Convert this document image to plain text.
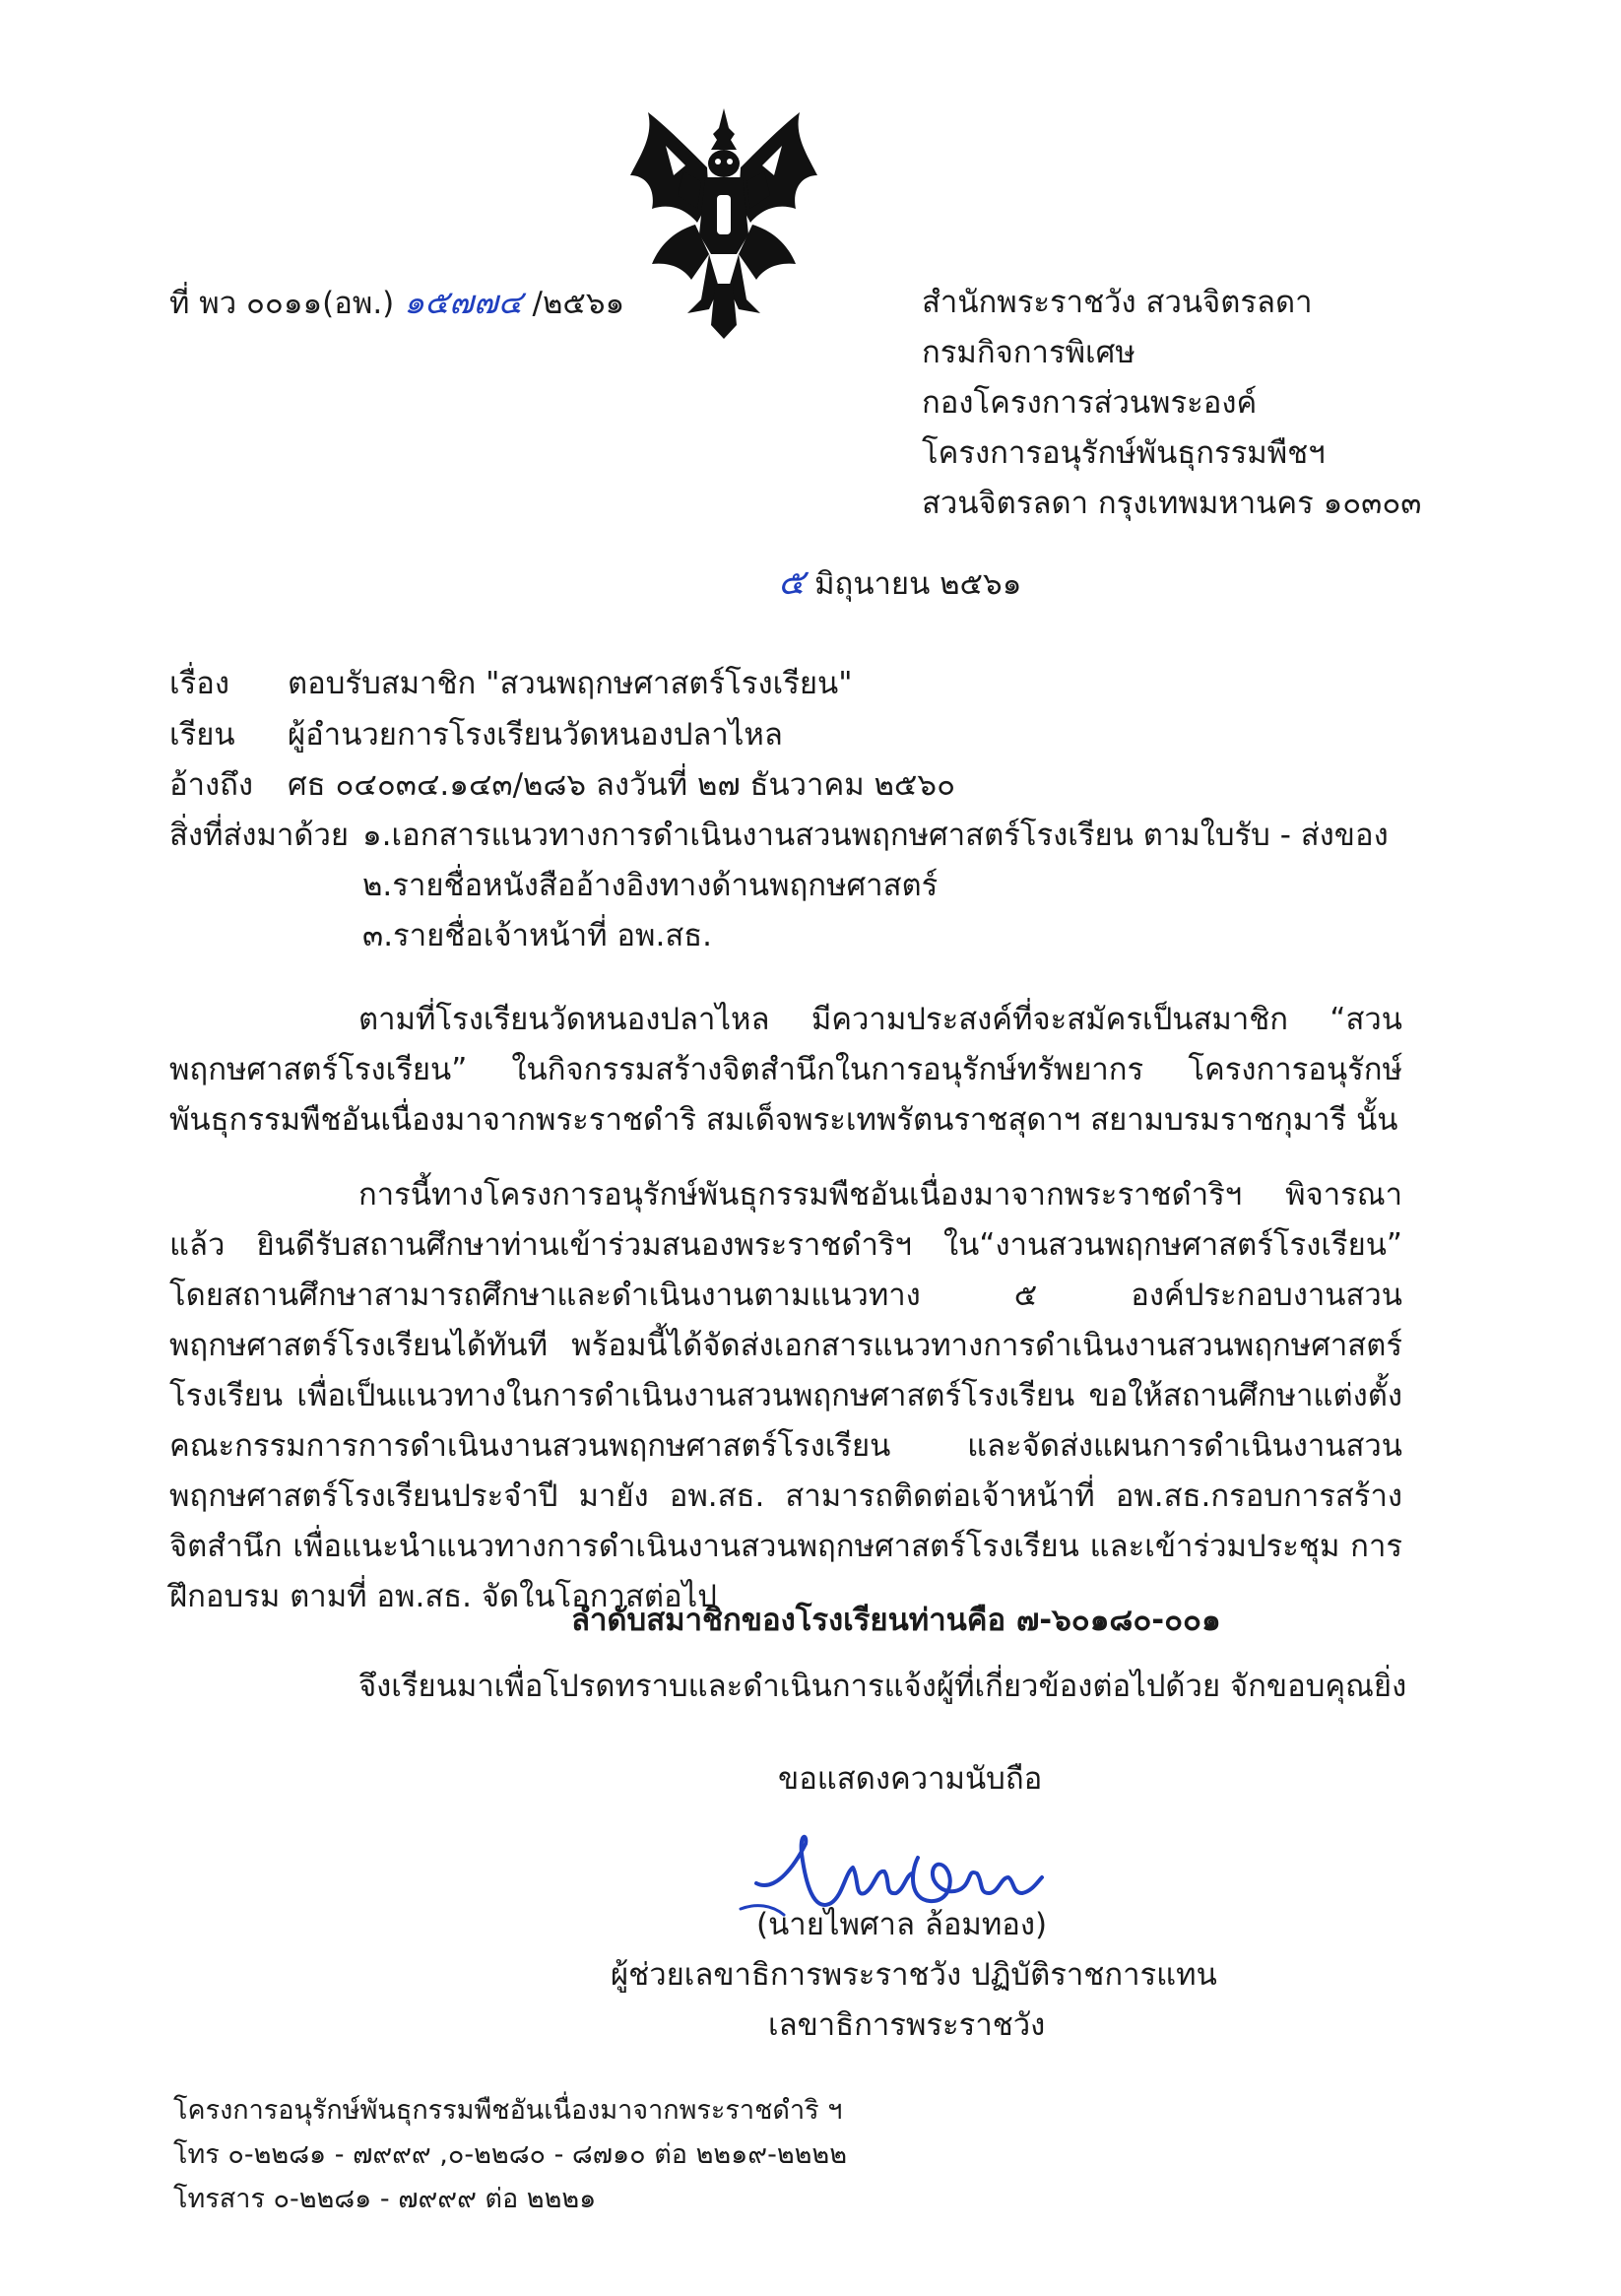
ที่ พว ๐๐๑๑(อพ.) ๑๕๗๗๔ /๒๕๖๑	สำนักพระราชวัง สวนจิตรลดา
กรมกิจการพิเศษ
กองโครงการส่วนพระองค์
โครงการอนุรักษ์พันธุกรรมพืชฯ
สวนจิตรลดา กรุงเทพมหานคร ๑๐๓๐๓
๕ มิถุนายน ๒๕๖๑
เรื่อง ตอบรับสมาชิก "สวนพฤกษศาสตร์โรงเรียน"
เรียน ผู้อำนวยการโรงเรียนวัดหนองปลาไหล
อ้างถึง ศธ ๐๔๐๓๔.๑๔๓/๒๘๖ ลงวันที่ ๒๗ ธันวาคม ๒๕๖๐
สิ่งที่ส่งมาด้วย ๑.เอกสารแนวทางการดำเนินงานสวนพฤกษศาสตร์โรงเรียน ตามใบรับ - ส่งของ
๒.รายชื่อหนังสืออ้างอิงทางด้านพฤกษศาสตร์
๓.รายชื่อเจ้าหน้าที่ อพ.สธ.
ตามที่โรงเรียนวัดหนองปลาไหล มีความประสงค์ที่จะสมัครเป็นสมาชิก “สวนพฤกษศาสตร์โรงเรียน” ในกิจกรรมสร้างจิตสำนึกในการอนุรักษ์ทรัพยากร โครงการอนุรักษ์พันธุกรรมพืชอันเนื่องมาจากพระราชดำริ สมเด็จพระเทพรัตนราชสุดาฯ สยามบรมราชกุมารี นั้น
การนี้ทางโครงการอนุรักษ์พันธุกรรมพืชอันเนื่องมาจากพระราชดำริฯ พิจารณาแล้ว ยินดีรับสถานศึกษาท่านเข้าร่วมสนองพระราชดำริฯ ใน“งานสวนพฤกษศาสตร์โรงเรียน” โดยสถานศึกษาสามารถศึกษาและดำเนินงานตามแนวทาง ๕ องค์ประกอบงานสวนพฤกษศาสตร์โรงเรียนได้ทันที พร้อมนี้ได้จัดส่งเอกสารแนวทางการดำเนินงานสวนพฤกษศาสตร์โรงเรียน เพื่อเป็นแนวทางในการดำเนินงานสวนพฤกษศาสตร์โรงเรียน ขอให้สถานศึกษาแต่งตั้งคณะกรรมการการดำเนินงานสวนพฤกษศาสตร์โรงเรียน และจัดส่งแผนการดำเนินงานสวนพฤกษศาสตร์โรงเรียนประจำปี มายัง อพ.สธ. สามารถติดต่อเจ้าหน้าที่ อพ.สธ.กรอบการสร้างจิตสำนึก เพื่อแนะนำแนวทางการดำเนินงานสวนพฤกษศาสตร์โรงเรียน และเข้าร่วมประชุม การฝึกอบรม ตามที่ อพ.สธ. จัดในโอกาสต่อไป
ลำดับสมาชิกของโรงเรียนท่านคือ ๗-๖๐๑๘๐-๐๐๑
จึงเรียนมาเพื่อโปรดทราบและดำเนินการแจ้งผู้ที่เกี่ยวข้องต่อไปด้วย จักขอบคุณยิ่ง
ขอแสดงความนับถือ
(นายไพศาล ล้อมทอง)
ผู้ช่วยเลขาธิการพระราชวัง ปฏิบัติราชการแทน
เลขาธิการพระราชวัง
โครงการอนุรักษ์พันธุกรรมพืชอันเนื่องมาจากพระราชดำริ ฯ
โทร ๐-๒๒๘๑ - ๗๙๙๙ ,๐-๒๒๘๐ - ๘๗๑๐ ต่อ ๒๒๑๙-๒๒๒๒
โทรสาร ๐-๒๒๘๑ - ๗๙๙๙ ต่อ ๒๒๒๑
